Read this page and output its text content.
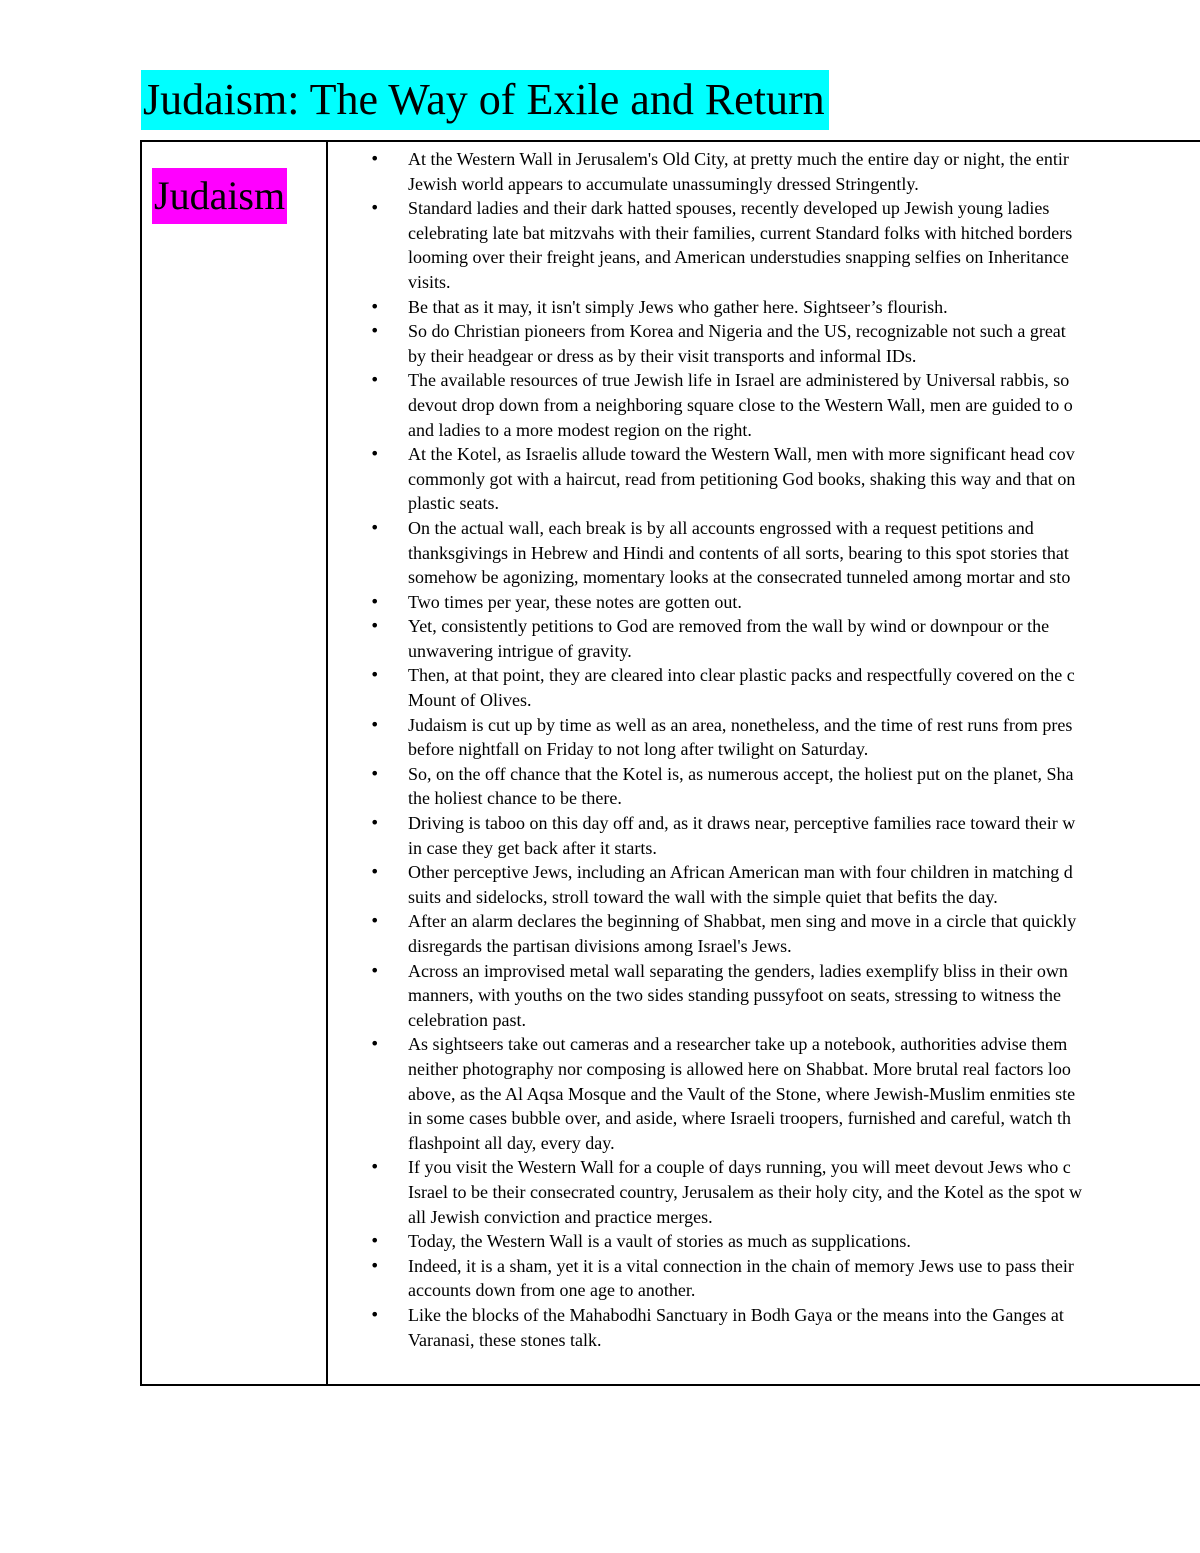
Judaism: The Way of Exile and Return
Judaism
• At the Western Wall in Jerusalem's Old City, at pretty much the entire day or night, the entir
Jewish world appears to accumulate unassumingly dressed Stringently.
• Standard ladies and their dark hatted spouses, recently developed up Jewish young ladies
celebrating late bat mitzvahs with their families, current Standard folks with hitched borders
looming over their freight jeans, and American understudies snapping selfies on Inheritance
visits.
• Be that as it may, it isn't simply Jews who gather here. Sightseer’s flourish.
• So do Christian pioneers from Korea and Nigeria and the US, recognizable not such a great
by their headgear or dress as by their visit transports and informal IDs.
• The available resources of true Jewish life in Israel are administered by Universal rabbis, so
devout drop down from a neighboring square close to the Western Wall, men are guided to o
and ladies to a more modest region on the right.
• At the Kotel, as Israelis allude toward the Western Wall, men with more significant head cov
commonly got with a haircut, read from petitioning God books, shaking this way and that on
plastic seats.
• On the actual wall, each break is by all accounts engrossed with a request petitions and
thanksgivings in Hebrew and Hindi and contents of all sorts, bearing to this spot stories that
somehow be agonizing, momentary looks at the consecrated tunneled among mortar and sto
• Two times per year, these notes are gotten out.
• Yet, consistently petitions to God are removed from the wall by wind or downpour or the
unwavering intrigue of gravity.
• Then, at that point, they are cleared into clear plastic packs and respectfully covered on the c
Mount of Olives.
• Judaism is cut up by time as well as an area, nonetheless, and the time of rest runs from pres
before nightfall on Friday to not long after twilight on Saturday.
• So, on the off chance that the Kotel is, as numerous accept, the holiest put on the planet, Sha
the holiest chance to be there.
• Driving is taboo on this day off and, as it draws near, perceptive families race toward their w
in case they get back after it starts.
• Other perceptive Jews, including an African American man with four children in matching d
suits and sidelocks, stroll toward the wall with the simple quiet that befits the day.
• After an alarm declares the beginning of Shabbat, men sing and move in a circle that quickly
disregards the partisan divisions among Israel's Jews.
• Across an improvised metal wall separating the genders, ladies exemplify bliss in their own
manners, with youths on the two sides standing pussyfoot on seats, stressing to witness the
celebration past.
• As sightseers take out cameras and a researcher take up a notebook, authorities advise them
neither photography nor composing is allowed here on Shabbat. More brutal real factors loo
above, as the Al Aqsa Mosque and the Vault of the Stone, where Jewish-Muslim enmities ste
in some cases bubble over, and aside, where Israeli troopers, furnished and careful, watch th
flashpoint all day, every day.
• If you visit the Western Wall for a couple of days running, you will meet devout Jews who c
Israel to be their consecrated country, Jerusalem as their holy city, and the Kotel as the spot w
all Jewish conviction and practice merges.
• Today, the Western Wall is a vault of stories as much as supplications.
• Indeed, it is a sham, yet it is a vital connection in the chain of memory Jews use to pass their
accounts down from one age to another.
• Like the blocks of the Mahabodhi Sanctuary in Bodh Gaya or the means into the Ganges at
Varanasi, these stones talk.
